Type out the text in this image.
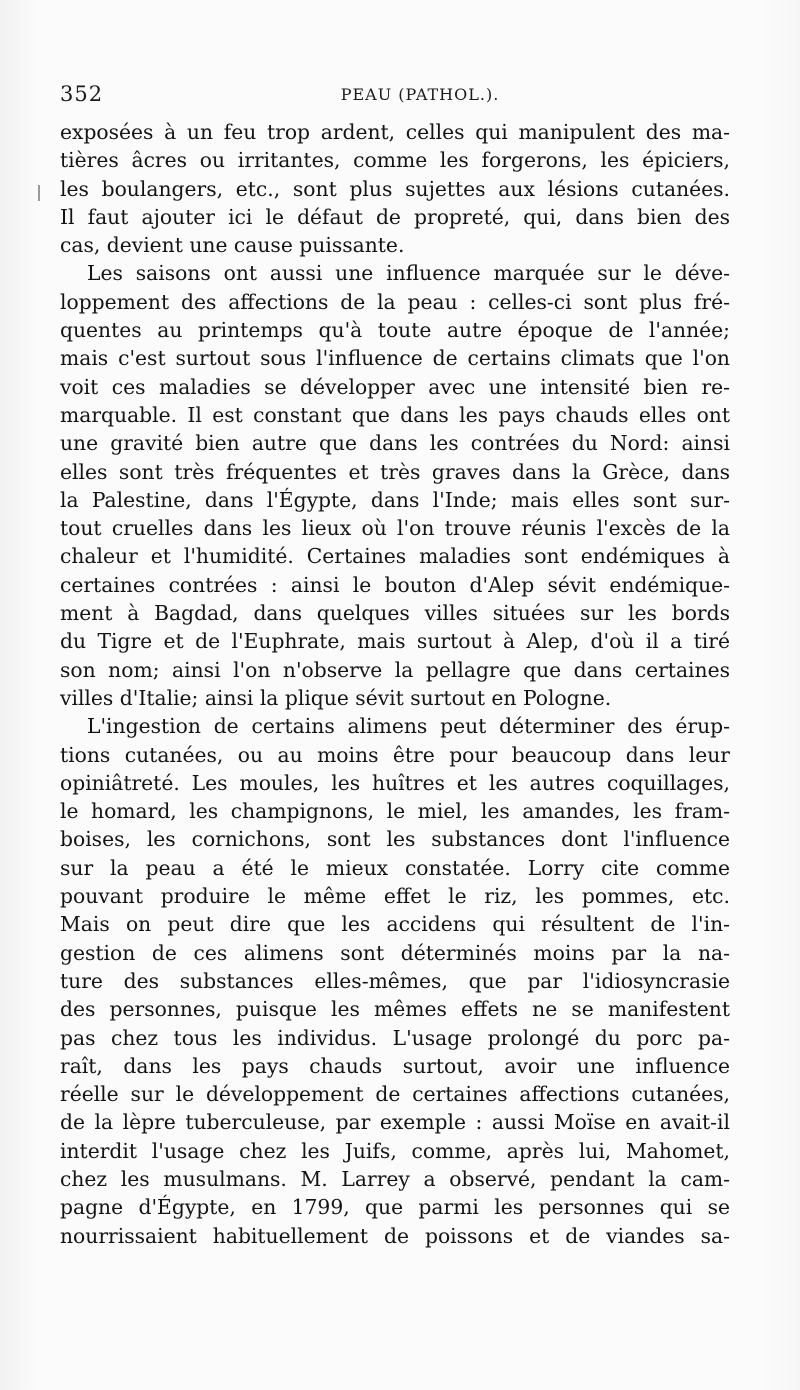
352	PEAU (PATHOL.).
exposées à un feu trop ardent, celles qui manipulent des ma-
tières âcres ou irritantes, comme les forgerons, les épiciers,
les boulangers, etc., sont plus sujettes aux lésions cutanées.
Il faut ajouter ici le défaut de propreté, qui, dans bien des
cas, devient une cause puissante.
Les saisons ont aussi une influence marquée sur le déve-
loppement des affections de la peau : celles-ci sont plus fré-
quentes au printemps qu'à toute autre époque de l'année;
mais c'est surtout sous l'influence de certains climats que l'on
voit ces maladies se développer avec une intensité bien re-
marquable. Il est constant que dans les pays chauds elles ont
une gravité bien autre que dans les contrées du Nord: ainsi
elles sont très fréquentes et très graves dans la Grèce, dans
la Palestine, dans l'Égypte, dans l'Inde; mais elles sont sur-
tout cruelles dans les lieux où l'on trouve réunis l'excès de la
chaleur et l'humidité. Certaines maladies sont endémiques à
certaines contrées : ainsi le bouton d'Alep sévit endémique-
ment à Bagdad, dans quelques villes situées sur les bords
du Tigre et de l'Euphrate, mais surtout à Alep, d'où il a tiré
son nom; ainsi l'on n'observe la pellagre que dans certaines
villes d'Italie; ainsi la plique sévit surtout en Pologne.
L'ingestion de certains alimens peut déterminer des érup-
tions cutanées, ou au moins être pour beaucoup dans leur
opiniâtreté. Les moules, les huîtres et les autres coquillages,
le homard, les champignons, le miel, les amandes, les fram-
boises, les cornichons, sont les substances dont l'influence
sur la peau a été le mieux constatée. Lorry cite comme
pouvant produire le même effet le riz, les pommes, etc.
Mais on peut dire que les accidens qui résultent de l'in-
gestion de ces alimens sont déterminés moins par la na-
ture des substances elles-mêmes, que par l'idiosyncrasie
des personnes, puisque les mêmes effets ne se manifestent
pas chez tous les individus. L'usage prolongé du porc pa-
raît, dans les pays chauds surtout, avoir une influence
réelle sur le développement de certaines affections cutanées,
de la lèpre tuberculeuse, par exemple : aussi Moïse en avait-il
interdit l'usage chez les Juifs, comme, après lui, Mahomet,
chez les musulmans. M. Larrey a observé, pendant la cam-
pagne d'Égypte, en 1799, que parmi les personnes qui se
nourrissaient habituellement de poissons et de viandes sa-
